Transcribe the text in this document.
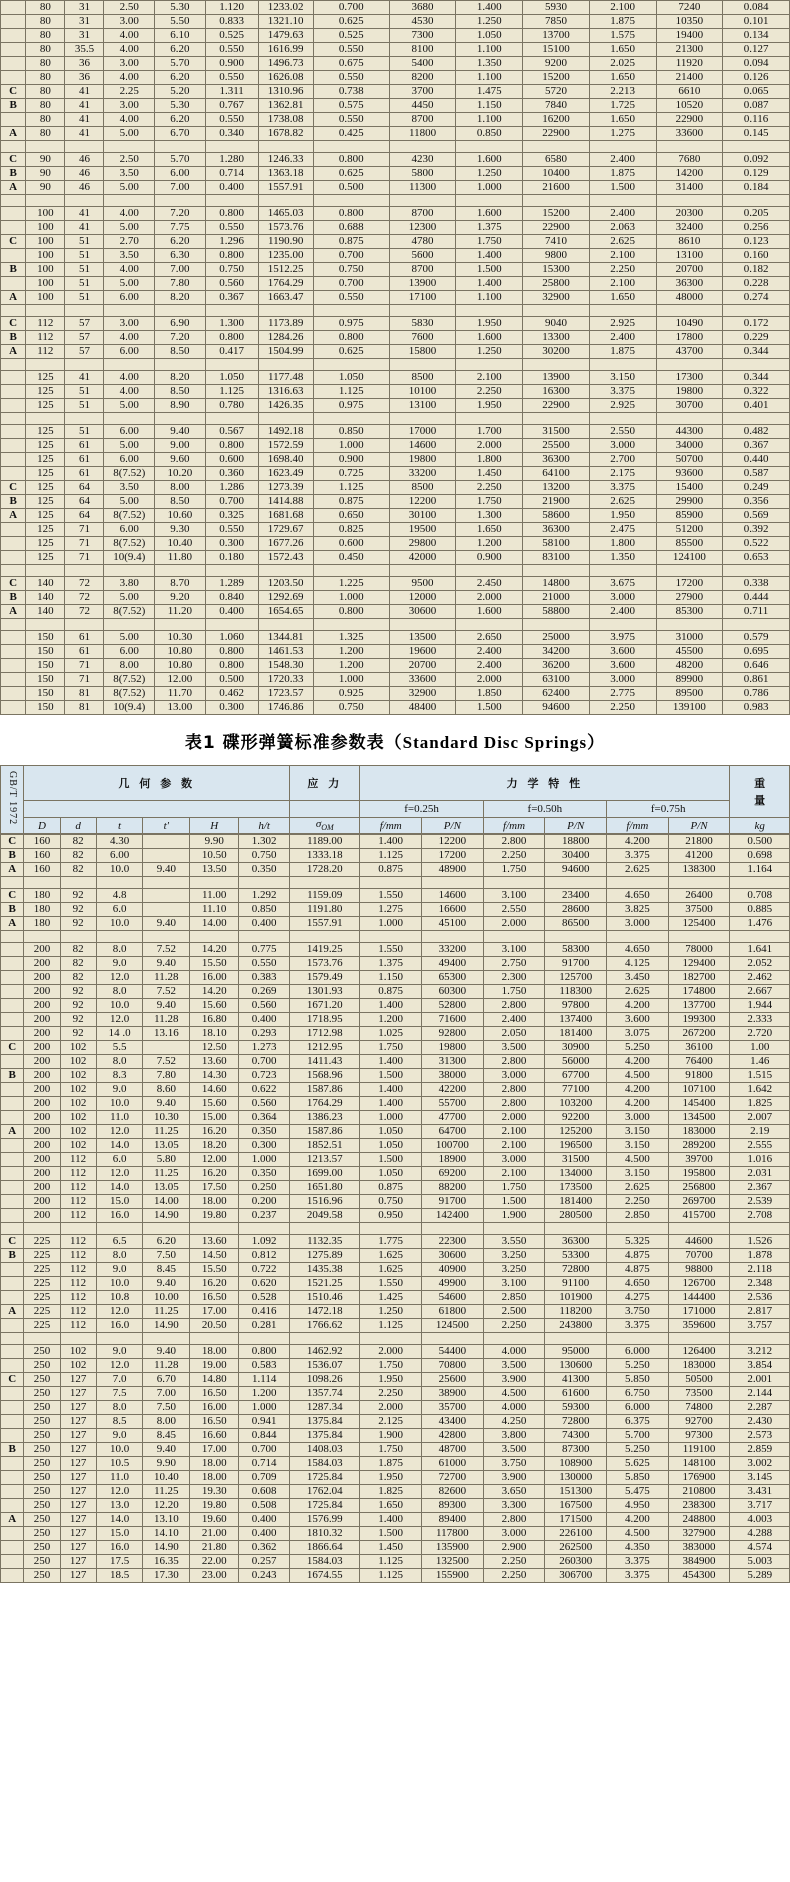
	80	31	2.50	5.30	1.120	1233.02	0.700	3680	1.400	5930	2.100	7240	0.084
	80	31	3.00	5.50	0.833	1321.10	0.625	4530	1.250	7850	1.875	10350	0.101
	80	31	4.00	6.10	0.525	1479.63	0.525	7300	1.050	13700	1.575	19400	0.134
	80	35.5	4.00	6.20	0.550	1616.99	0.550	8100	1.100	15100	1.650	21300	0.127
	80	36	3.00	5.70	0.900	1496.73	0.675	5400	1.350	9200	2.025	11920	0.094
	80	36	4.00	6.20	0.550	1626.08	0.550	8200	1.100	15200	1.650	21400	0.126
C	80	41	2.25	5.20	1.311	1310.96	0.738	3700	1.475	5720	2.213	6610	0.065
B	80	41	3.00	5.30	0.767	1362.81	0.575	4450	1.150	7840	1.725	10520	0.087
	80	41	4.00	6.20	0.550	1738.08	0.550	8700	1.100	16200	1.650	22900	0.116
A	80	41	5.00	6.70	0.340	1678.82	0.425	11800	0.850	22900	1.275	33600	0.145

C	90	46	2.50	5.70	1.280	1246.33	0.800	4230	1.600	6580	2.400	7680	0.092
B	90	46	3.50	6.00	0.714	1363.18	0.625	5800	1.250	10400	1.875	14200	0.129
A	90	46	5.00	7.00	0.400	1557.91	0.500	11300	1.000	21600	1.500	31400	0.184

	100	41	4.00	7.20	0.800	1465.03	0.800	8700	1.600	15200	2.400	20300	0.205
	100	41	5.00	7.75	0.550	1573.76	0.688	12300	1.375	22900	2.063	32400	0.256
C	100	51	2.70	6.20	1.296	1190.90	0.875	4780	1.750	7410	2.625	8610	0.123
	100	51	3.50	6.30	0.800	1235.00	0.700	5600	1.400	9800	2.100	13100	0.160
B	100	51	4.00	7.00	0.750	1512.25	0.750	8700	1.500	15300	2.250	20700	0.182
	100	51	5.00	7.80	0.560	1764.29	0.700	13900	1.400	25800	2.100	36300	0.228
A	100	51	6.00	8.20	0.367	1663.47	0.550	17100	1.100	32900	1.650	48000	0.274

C	112	57	3.00	6.90	1.300	1173.89	0.975	5830	1.950	9040	2.925	10490	0.172
B	112	57	4.00	7.20	0.800	1284.26	0.800	7600	1.600	13300	2.400	17800	0.229
A	112	57	6.00	8.50	0.417	1504.99	0.625	15800	1.250	30200	1.875	43700	0.344

	125	41	4.00	8.20	1.050	1177.48	1.050	8500	2.100	13900	3.150	17300	0.344
	125	51	4.00	8.50	1.125	1316.63	1.125	10100	2.250	16300	3.375	19800	0.322
	125	51	5.00	8.90	0.780	1426.35	0.975	13100	1.950	22900	2.925	30700	0.401

	125	51	6.00	9.40	0.567	1492.18	0.850	17000	1.700	31500	2.550	44300	0.482
	125	61	5.00	9.00	0.800	1572.59	1.000	14600	2.000	25500	3.000	34000	0.367
	125	61	6.00	9.60	0.600	1698.40	0.900	19800	1.800	36300	2.700	50700	0.440
	125	61	8(7.52)	10.20	0.360	1623.49	0.725	33200	1.450	64100	2.175	93600	0.587
C	125	64	3.50	8.00	1.286	1273.39	1.125	8500	2.250	13200	3.375	15400	0.249
B	125	64	5.00	8.50	0.700	1414.88	0.875	12200	1.750	21900	2.625	29900	0.356
A	125	64	8(7.52)	10.60	0.325	1681.68	0.650	30100	1.300	58600	1.950	85900	0.569
	125	71	6.00	9.30	0.550	1729.67	0.825	19500	1.650	36300	2.475	51200	0.392
	125	71	8(7.52)	10.40	0.300	1677.26	0.600	29800	1.200	58100	1.800	85500	0.522
	125	71	10(9.4)	11.80	0.180	1572.43	0.450	42000	0.900	83100	1.350	124100	0.653

C	140	72	3.80	8.70	1.289	1203.50	1.225	9500	2.450	14800	3.675	17200	0.338
B	140	72	5.00	9.20	0.840	1292.69	1.000	12000	2.000	21000	3.000	27900	0.444
A	140	72	8(7.52)	11.20	0.400	1654.65	0.800	30600	1.600	58800	2.400	85300	0.711

	150	61	5.00	10.30	1.060	1344.81	1.325	13500	2.650	25000	3.975	31000	0.579
	150	61	6.00	10.80	0.800	1461.53	1.200	19600	2.400	34200	3.600	45500	0.695
	150	71	8.00	10.80	0.800	1548.30	1.200	20700	2.400	36200	3.600	48200	0.646
	150	71	8(7.52)	12.00	0.500	1720.33	1.000	33600	2.000	63100	3.000	89900	0.861
	150	81	8(7.52)	11.70	0.462	1723.57	0.925	32900	1.850	62400	2.775	89500	0.786
	150	81	10(9.4)	13.00	0.300	1746.86	0.750	48400	1.500	94600	2.250	139100	0.983
表1 碟形弹簧标准参数表（Standard Disc Springs）
GB/T 1972	几 何 参 数						应 力	力 学 特 性						重
量
								f=0.25h		f=0.50h		f=0.75h		
	D	d	t	t′	H	h/t	$\sigma_{OM}$	f/mm	P/N	f/mm	P/N	f/mm	P/N	kg
C	160	82	4.30		9.90	1.302	1189.00	1.400	12200	2.800	18800	4.200	21800	0.500
B	160	82	6.00		10.50	0.750	1333.18	1.125	17200	2.250	30400	3.375	41200	0.698
A	160	82	10.0	9.40	13.50	0.350	1728.20	0.875	48900	1.750	94600	2.625	138300	1.164

C	180	92	4.8		11.00	1.292	1159.09	1.550	14600	3.100	23400	4.650	26400	0.708
B	180	92	6.0		11.10	0.850	1191.80	1.275	16600	2.550	28600	3.825	37500	0.885
A	180	92	10.0	9.40	14.00	0.400	1557.91	1.000	45100	2.000	86500	3.000	125400	1.476

	200	82	8.0	7.52	14.20	0.775	1419.25	1.550	33200	3.100	58300	4.650	78000	1.641
	200	82	9.0	9.40	15.50	0.550	1573.76	1.375	49400	2.750	91700	4.125	129400	2.052
	200	82	12.0	11.28	16.00	0.383	1579.49	1.150	65300	2.300	125700	3.450	182700	2.462
	200	92	8.0	7.52	14.20	0.269	1301.93	0.875	60300	1.750	118300	2.625	174800	2.667
	200	92	10.0	9.40	15.60	0.560	1671.20	1.400	52800	2.800	97800	4.200	137700	1.944
	200	92	12.0	11.28	16.80	0.400	1718.95	1.200	71600	2.400	137400	3.600	199300	2.333
	200	92	14 .0	13.16	18.10	0.293	1712.98	1.025	92800	2.050	181400	3.075	267200	2.720
C	200	102	5.5		12.50	1.273	1212.95	1.750	19800	3.500	30900	5.250	36100	1.00
	200	102	8.0	7.52	13.60	0.700	1411.43	1.400	31300	2.800	56000	4.200	76400	1.46
B	200	102	8.3	7.80	14.30	0.723	1568.96	1.500	38000	3.000	67700	4.500	91800	1.515
	200	102	9.0	8.60	14.60	0.622	1587.86	1.400	42200	2.800	77100	4.200	107100	1.642
	200	102	10.0	9.40	15.60	0.560	1764.29	1.400	55700	2.800	103200	4.200	145400	1.825
	200	102	11.0	10.30	15.00	0.364	1386.23	1.000	47700	2.000	92200	3.000	134500	2.007
A	200	102	12.0	11.25	16.20	0.350	1587.86	1.050	64700	2.100	125200	3.150	183000	2.19
	200	102	14.0	13.05	18.20	0.300	1852.51	1.050	100700	2.100	196500	3.150	289200	2.555
	200	112	6.0	5.80	12.00	1.000	1213.57	1.500	18900	3.000	31500	4.500	39700	1.016
	200	112	12.0	11.25	16.20	0.350	1699.00	1.050	69200	2.100	134000	3.150	195800	2.031
	200	112	14.0	13.05	17.50	0.250	1651.80	0.875	88200	1.750	173500	2.625	256800	2.367
	200	112	15.0	14.00	18.00	0.200	1516.96	0.750	91700	1.500	181400	2.250	269700	2.539
	200	112	16.0	14.90	19.80	0.237	2049.58	0.950	142400	1.900	280500	2.850	415700	2.708

C	225	112	6.5	6.20	13.60	1.092	1132.35	1.775	22300	3.550	36300	5.325	44600	1.526
B	225	112	8.0	7.50	14.50	0.812	1275.89	1.625	30600	3.250	53300	4.875	70700	1.878
	225	112	9.0	8.45	15.50	0.722	1435.38	1.625	40900	3.250	72800	4.875	98800	2.118
	225	112	10.0	9.40	16.20	0.620	1521.25	1.550	49900	3.100	91100	4.650	126700	2.348
	225	112	10.8	10.00	16.50	0.528	1510.46	1.425	54600	2.850	101900	4.275	144400	2.536
A	225	112	12.0	11.25	17.00	0.416	1472.18	1.250	61800	2.500	118200	3.750	171000	2.817
	225	112	16.0	14.90	20.50	0.281	1766.62	1.125	124500	2.250	243800	3.375	359600	3.757

	250	102	9.0	9.40	18.00	0.800	1462.92	2.000	54400	4.000	95000	6.000	126400	3.212
	250	102	12.0	11.28	19.00	0.583	1536.07	1.750	70800	3.500	130600	5.250	183000	3.854
C	250	127	7.0	6.70	14.80	1.114	1098.26	1.950	25600	3.900	41300	5.850	50500	2.001
	250	127	7.5	7.00	16.50	1.200	1357.74	2.250	38900	4.500	61600	6.750	73500	2.144
	250	127	8.0	7.50	16.00	1.000	1287.34	2.000	35700	4.000	59300	6.000	74800	2.287
	250	127	8.5	8.00	16.50	0.941	1375.84	2.125	43400	4.250	72800	6.375	92700	2.430
	250	127	9.0	8.45	16.60	0.844	1375.84	1.900	42800	3.800	74300	5.700	97300	2.573
B	250	127	10.0	9.40	17.00	0.700	1408.03	1.750	48700	3.500	87300	5.250	119100	2.859
	250	127	10.5	9.90	18.00	0.714	1584.03	1.875	61000	3.750	108900	5.625	148100	3.002
	250	127	11.0	10.40	18.00	0.709	1725.84	1.950	72700	3.900	130000	5.850	176900	3.145
	250	127	12.0	11.25	19.30	0.608	1762.04	1.825	82600	3.650	151300	5.475	210800	3.431
	250	127	13.0	12.20	19.80	0.508	1725.84	1.650	89300	3.300	167500	4.950	238300	3.717
A	250	127	14.0	13.10	19.60	0.400	1576.99	1.400	89400	2.800	171500	4.200	248800	4.003
	250	127	15.0	14.10	21.00	0.400	1810.32	1.500	117800	3.000	226100	4.500	327900	4.288
	250	127	16.0	14.90	21.80	0.362	1866.64	1.450	135900	2.900	262500	4.350	383000	4.574
	250	127	17.5	16.35	22.00	0.257	1584.03	1.125	132500	2.250	260300	3.375	384900	5.003
	250	127	18.5	17.30	23.00	0.243	1674.55	1.125	155900	2.250	306700	3.375	454300	5.289
